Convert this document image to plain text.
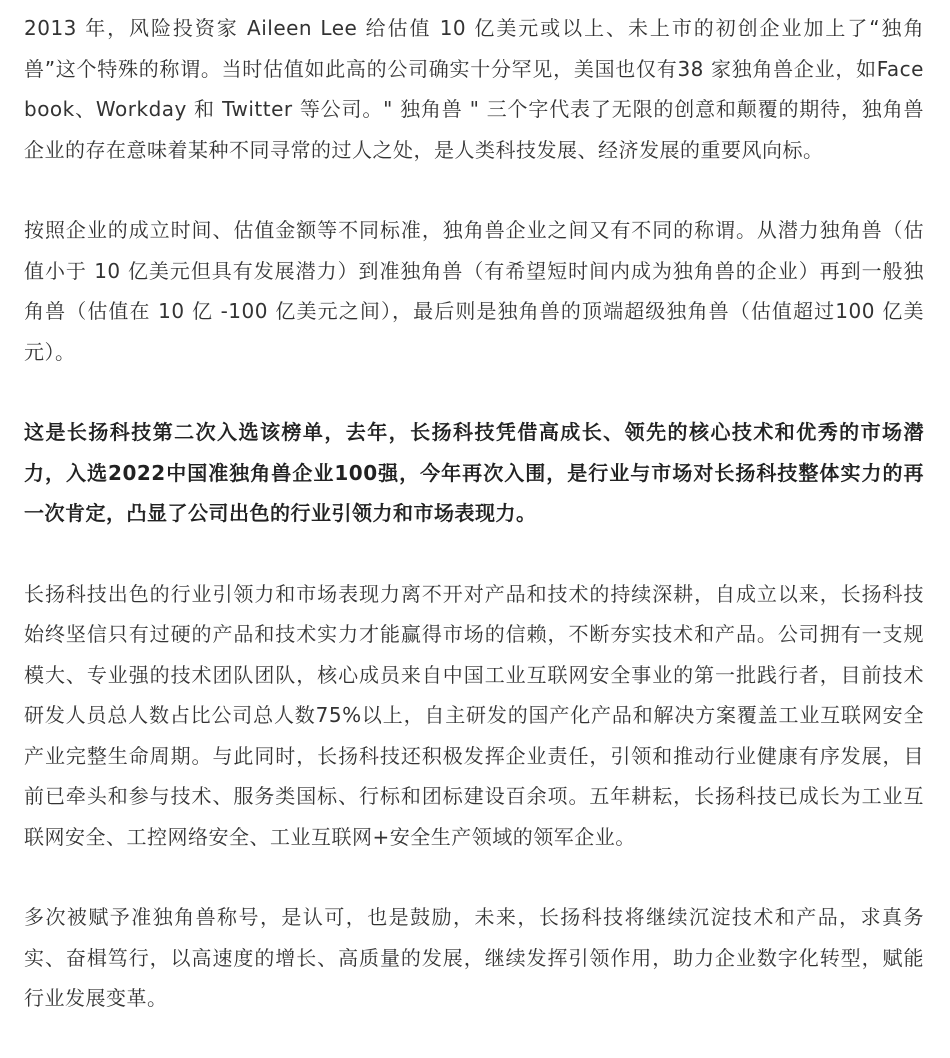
2013 年，风险投资家 Aileen Lee 给估值 10 亿美元或以上、未上市的初创企业加上了“独角兽”这个特殊的称谓。当时估值如此高的公司确实十分罕见，美国也仅有38 家独角兽企业，如Facebook、Workday 和 Twitter 等公司。" 独角兽 " 三个字代表了无限的创意和颠覆的期待，独角兽企业的存在意味着某种不同寻常的过人之处，是人类科技发展、经济发展的重要风向标。

按照企业的成立时间、估值金额等不同标准，独角兽企业之间又有不同的称谓。从潜力独角兽（估值小于 10 亿美元但具有发展潜力）到准独角兽（有希望短时间内成为独角兽的企业）再到一般独角兽（估值在 10 亿 -100 亿美元之间），最后则是独角兽的顶端超级独角兽（估值超过100 亿美元）。

这是长扬科技第二次入选该榜单，去年，长扬科技凭借高成长、领先的核心技术和优秀的市场潜力，入选2022中国准独角兽企业100强，今年再次入围，是行业与市场对长扬科技整体实力的再一次肯定，凸显了公司出色的行业引领力和市场表现力。

长扬科技出色的行业引领力和市场表现力离不开对产品和技术的持续深耕，自成立以来，长扬科技始终坚信只有过硬的产品和技术实力才能赢得市场的信赖，不断夯实技术和产品。公司拥有一支规模大、专业强的技术团队团队，核心成员来自中国工业互联网安全事业的第一批践行者，目前技术研发人员总人数占比公司总人数75%以上，自主研发的国产化产品和解决方案覆盖工业互联网安全产业完整生命周期。与此同时，长扬科技还积极发挥企业责任，引领和推动行业健康有序发展，目前已牵头和参与技术、服务类国标、行标和团标建设百余项。五年耕耘，长扬科技已成长为工业互联网安全、工控网络安全、工业互联网+安全生产领域的领军企业。

多次被赋予准独角兽称号，是认可，也是鼓励，未来，长扬科技将继续沉淀技术和产品，求真务实、奋楫笃行，以高速度的增长、高质量的发展，继续发挥引领作用，助力企业数字化转型，赋能行业发展变革。
